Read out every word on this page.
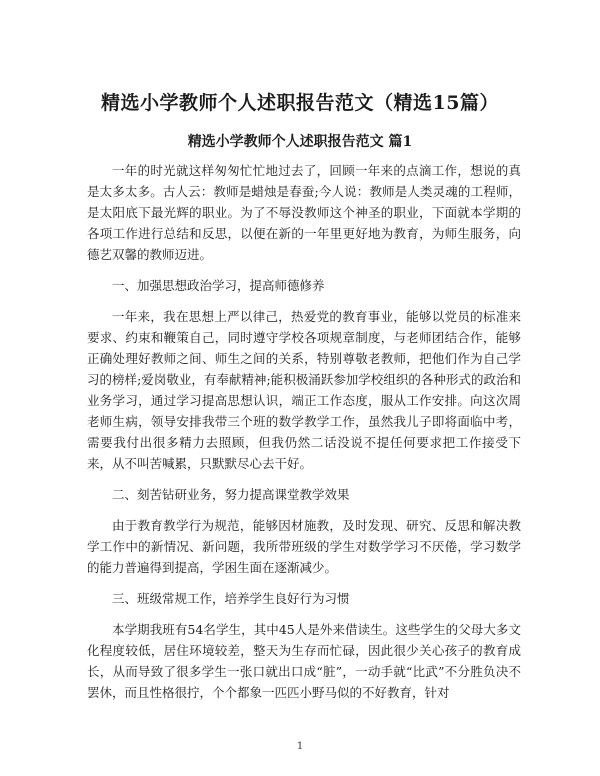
精选小学教师个人述职报告范文（精选15篇）
精选小学教师个人述职报告范文 篇1

一年的时光就这样匆匆忙忙地过去了，回顾一年来的点滴工作，想说的真是太多太多。古人云：教师是蜡烛是春蚕;今人说：教师是人类灵魂的工程师，是太阳底下最光辉的职业。为了不辱没教师这个神圣的职业，下面就本学期的各项工作进行总结和反思，以便在新的一年里更好地为教育，为师生服务，向德艺双馨的教师迈进。

一、加强思想政治学习，提高师德修养

一年来，我在思想上严以律己，热爱党的教育事业，能够以党员的标准来要求、约束和鞭策自己，同时遵守学校各项规章制度，与老师团结合作，能够正确处理好教师之间、师生之间的关系，特别尊敬老教师，把他们作为自己学习的榜样;爱岗敬业，有奉献精神;能积极涌跃参加学校组织的各种形式的政治和业务学习，通过学习提高思想认识，端正工作态度，服从工作安排。向这次周老师生病，领导安排我带三个班的数学教学工作，虽然我儿子即将面临中考，需要我付出很多精力去照顾，但我仍然二话没说不提任何要求把工作接受下来，从不叫苦喊累，只默默尽心去干好。

二、刻苦钻研业务，努力提高课堂教学效果

由于教育教学行为规范，能够因材施教，及时发现、研究、反思和解决教学工作中的新情况、新问题，我所带班级的学生对数学学习不厌倦，学习数学的能力普遍得到提高，学困生面在逐渐减少。

三、班级常规工作，培养学生良好行为习惯

本学期我班有54名学生，其中45人是外来借读生。这些学生的父母大多文化程度较低，居住环境较差，整天为生存而忙碌，因此很少关心孩子的教育成长，从而导致了很多学生一张口就出口成“脏”，一动手就“比武”不分胜负决不罢休，而且性格很拧，个个都象一匹匹小野马似的不好教育，针对

1
